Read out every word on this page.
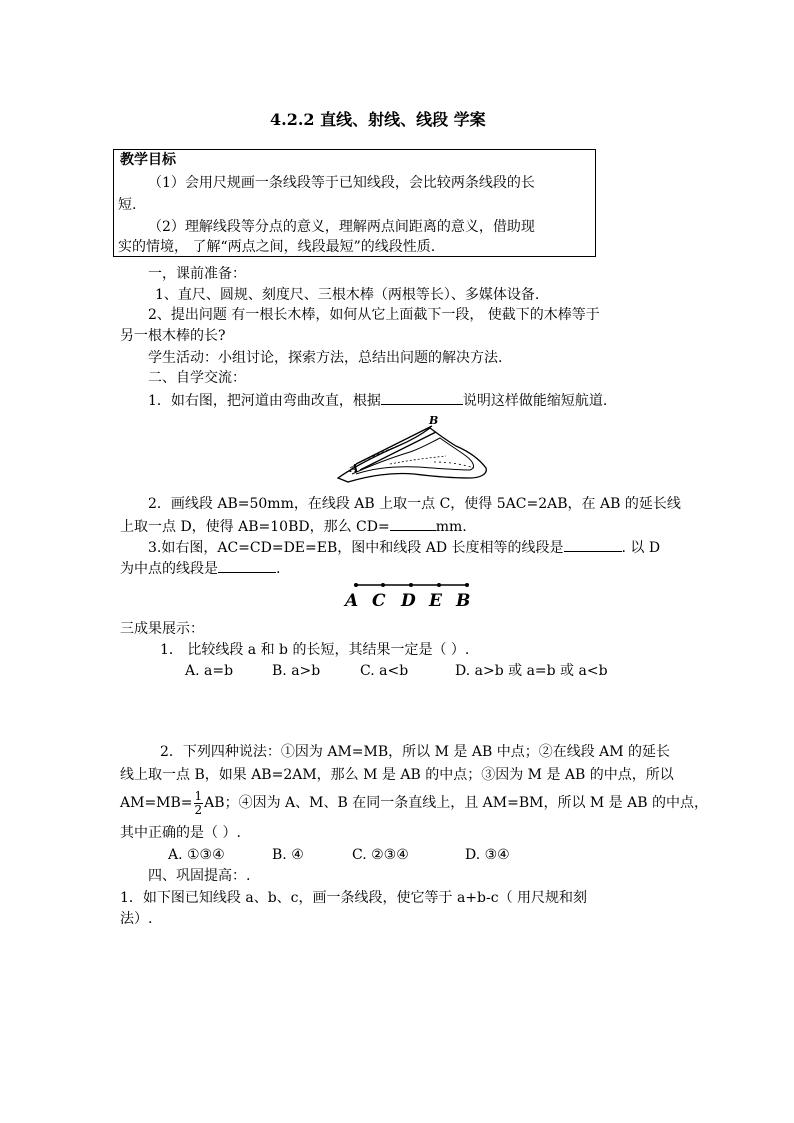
4.2.2 直线、射线、线段 学案
教学目标
（1）会用尺规画一条线段等于已知线段，会比较两条线段的长
短.
（2）理解线段等分点的意义，理解两点间距离的意义，借助现
实的情境， 了解“两点之间，线段最短”的线段性质.
一，课前准备：
1、直尺、圆规、刻度尺、三根木棒（两根等长）、多媒体设备.
2、提出问题 有一根长木棒，如何从它上面截下一段， 使截下的木棒等于
另一根木棒的长?
学生活动：小组讨论，探索方法，总结出问题的解决方法.
二、自学交流：
1．如右图，把河道由弯曲改直，根据	说明这样做能缩短航道.
A
B
2．画线段 AB=50mm，在线段 AB 上取一点 C，使得 5AC=2AB，在 AB 的延长线
上取一点 D，使得 AB=10BD，那么 CD=	mm.
3.如右图，AC=CD=DE=EB，图中和线段 AD 长度相等的线段是	. 以 D
为中点的线段是	.
A C D E B
三成果展示：
1． 比较线段 a 和 b 的长短，其结果一定是（ ）.
A. a=b	B. a>b	C. a<b	D. a>b 或 a=b 或 a<b
2．下列四种说法：①因为 AM=MB，所以 M 是 AB 中点；②在线段 AM 的延长
线上取一点 B，如果 AB=2AM，那么 M 是 AB 的中点；③因为 M 是 AB 的中点，所以
$AM=MB= \frac{1}{2}$ AB；④因为 A、M、B 在同一条直线上，且 AM=BM，所以 M 是 AB 的中点，
其中正确的是（ ）.
A. ①③④	B. ④	C. ②③④	D. ③④
四、巩固提高：.
1．如下图已知线段 a、b、c，画一条线段，使它等于 a+b-c（ 用尺规和刻
法）.
